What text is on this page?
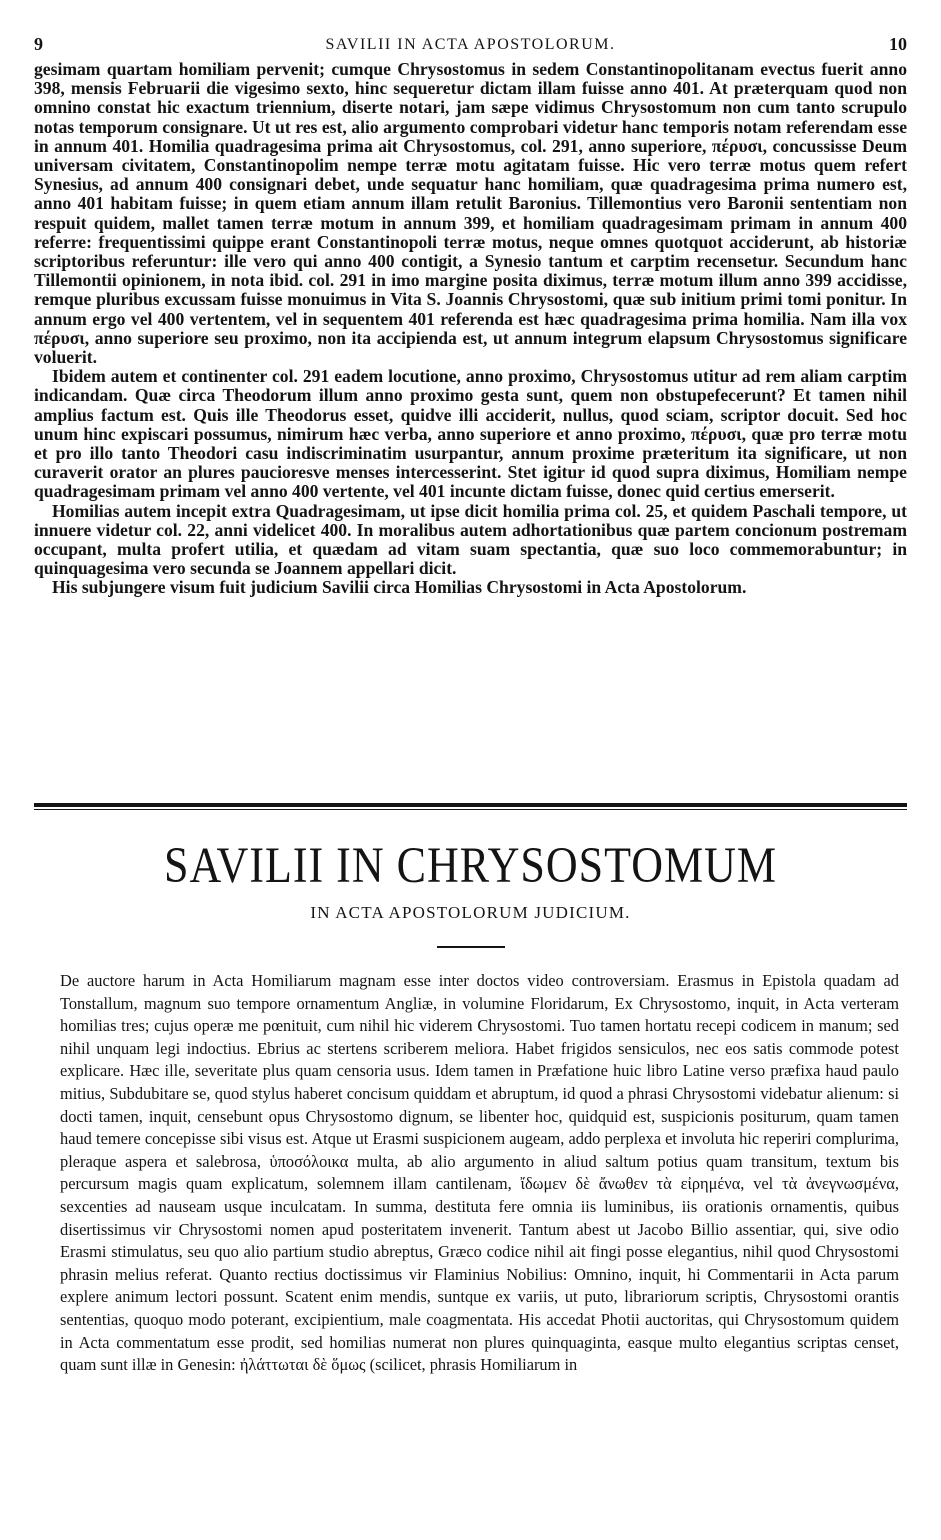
9	SAVILII IN ACTA APOSTOLORUM.	10

gesimam quartam homiliam pervenit; cumque Chrysostomus in sedem Constantinopolitanam evectus fuerit anno 398, mensis Februarii die vigesimo sexto, hinc sequeretur dictam illam fuisse anno 401. At præterquam quod non omnino constat hic exactum triennium, diserte notari, jam sæpe vidimus Chrysostomum non cum tanto scrupulo notas temporum consignare. Ut ut res est, alio argumento comprobari videtur hanc temporis notam referendam esse in annum 401. Homilia quadragesima prima ait Chrysostomus, col. 291, anno superiore, πέρυσι, concussisse Deum universam civitatem, Constantinopolim nempe terræ motu agitatam fuisse. Hic vero terræ motus quem refert Synesius, ad annum 400 consignari debet, unde sequatur hanc homiliam, quæ quadragesima prima numero est, anno 401 habitam fuisse; in quem etiam annum illam retulit Baronius. Tillemontius vero Baronii sententiam non respuit quidem, mallet tamen terræ motum in annum 399, et homiliam quadragesimam primam in annum 400 referre: frequentissimi quippe erant Constantinopoli terræ motus, neque omnes quotquot acciderunt, ab historiæ scriptoribus referuntur: ille vero qui anno 400 contigit, a Synesio tantum et carptim recensetur. Secundum hanc Tillemontii opinionem, in nota ibid. col. 291 in imo margine posita diximus, terræ motum illum anno 399 accidisse, remque pluribus excussam fuisse monuimus in Vita S. Joannis Chrysostomi, quæ sub initium primi tomi ponitur. In annum ergo vel 400 vertentem, vel in sequentem 401 referenda est hæc quadragesima prima homilia. Nam illa vox πέρυσι, anno superiore seu proximo, non ita accipienda est, ut annum integrum elapsum Chrysostomus significare voluerit.

Ibidem autem et continenter col. 291 eadem locutione, anno proximo, Chrysostomus utitur ad rem aliam carptim indicandam. Quæ circa Theodorum illum anno proximo gesta sunt, quem non obstupefecerunt? Et tamen nihil amplius factum est. Quis ille Theodorus esset, quidve illi acciderit, nullus, quod sciam, scriptor docuit. Sed hoc unum hinc expiscari possumus, nimirum hæc verba, anno superiore et anno proximo, πέρυσι, quæ pro terræ motu et pro illo tanto Theodori casu indiscriminatim usurpantur, annum proxime præteritum ita significare, ut non curaverit orator an plures paucioresve menses intercesserint. Stet igitur id quod supra diximus, Homiliam nempe quadragesimam primam vel anno 400 vertente, vel 401 incunte dictam fuisse, donec quid certius emerserit.

Homilias autem incepit extra Quadragesimam, ut ipse dicit homilia prima col. 25, et quidem Paschali tempore, ut innuere videtur col. 22, anni videlicet 400. In moralibus autem adhortationibus quæ partem concionum postremam occupant, multa profert utilia, et quædam ad vitam suam spectantia, quæ suo loco commemorabuntur; in quinquagesima vero secunda se Joannem appellari dicit.

His subjungere visum fuit judicium Savilii circa Homilias Chrysostomi in Acta Apostolorum.

SAVILII IN CHRYSOSTOMUM
IN ACTA APOSTOLORUM JUDICIUM.
De auctore harum in Acta Homiliarum magnam esse inter doctos video controversiam. Erasmus in Epistola quadam ad Tonstallum, magnum suo tempore ornamentum Angliæ, in volumine Floridarum, Ex Chrysostomo, inquit, in Acta verteram homilias tres; cujus operæ me pœnituit, cum nihil hic viderem Chrysostomi. Tuo tamen hortatu recepi codicem in manum; sed nihil unquam legi indoctius. Ebrius ac stertens scriberem meliora. Habet frigidos sensiculos, nec eos satis commode potest explicare. Hæc ille, severitate plus quam censoria usus. Idem tamen in Præfatione huic libro Latine verso præfixa haud paulo mitius, Subdubitare se, quod stylus haberet concisum quiddam et abruptum, id quod a phrasi Chrysostomi videbatur alienum: si docti tamen, inquit, censebunt opus Chrysostomo dignum, se libenter hoc, quidquid est, suspicionis positurum, quam tamen haud temere concepisse sibi visus est. Atque ut Erasmi suspicionem augeam, addo perplexa et involuta hic reperiri complurima, pleraque aspera et salebrosa, ὑποσόλοικα multa, ab alio argumento in aliud saltum potius quam transitum, textum bis percursum magis quam explicatum, solemnem illam cantilenam, ἴδωμεν δὲ ἄνωθεν τὰ εἰρημένα, vel τὰ ἀνεγνωσμένα, sexcenties ad nauseam usque inculcatam. In summa, destituta fere omnia iis luminibus, iis orationis ornamentis, quibus disertissimus vir Chrysostomi nomen apud posteritatem invenerit. Tantum abest ut Jacobo Billio assentiar, qui, sive odio Erasmi stimulatus, seu quo alio partium studio abreptus, Græco codice nihil ait fingi posse elegantius, nihil quod Chrysostomi phrasin melius referat. Quanto rectius doctissimus vir Flaminius Nobilius: Omnino, inquit, hi Commentarii in Acta parum explere animum lectori possunt. Scatent enim mendis, suntque ex variis, ut puto, librariorum scriptis, Chrysostomi orantis sententias, quoquo modo poterant, excipientium, male coagmentata. His accedat Photii auctoritas, qui Chrysostomum quidem in Acta commentatum esse prodit, sed homilias numerat non plures quinquaginta, easque multo elegantius scriptas censet, quam sunt illæ in Genesin: ἠλάττωται δὲ ὅμως (scilicet, phrasis Homiliarum in
